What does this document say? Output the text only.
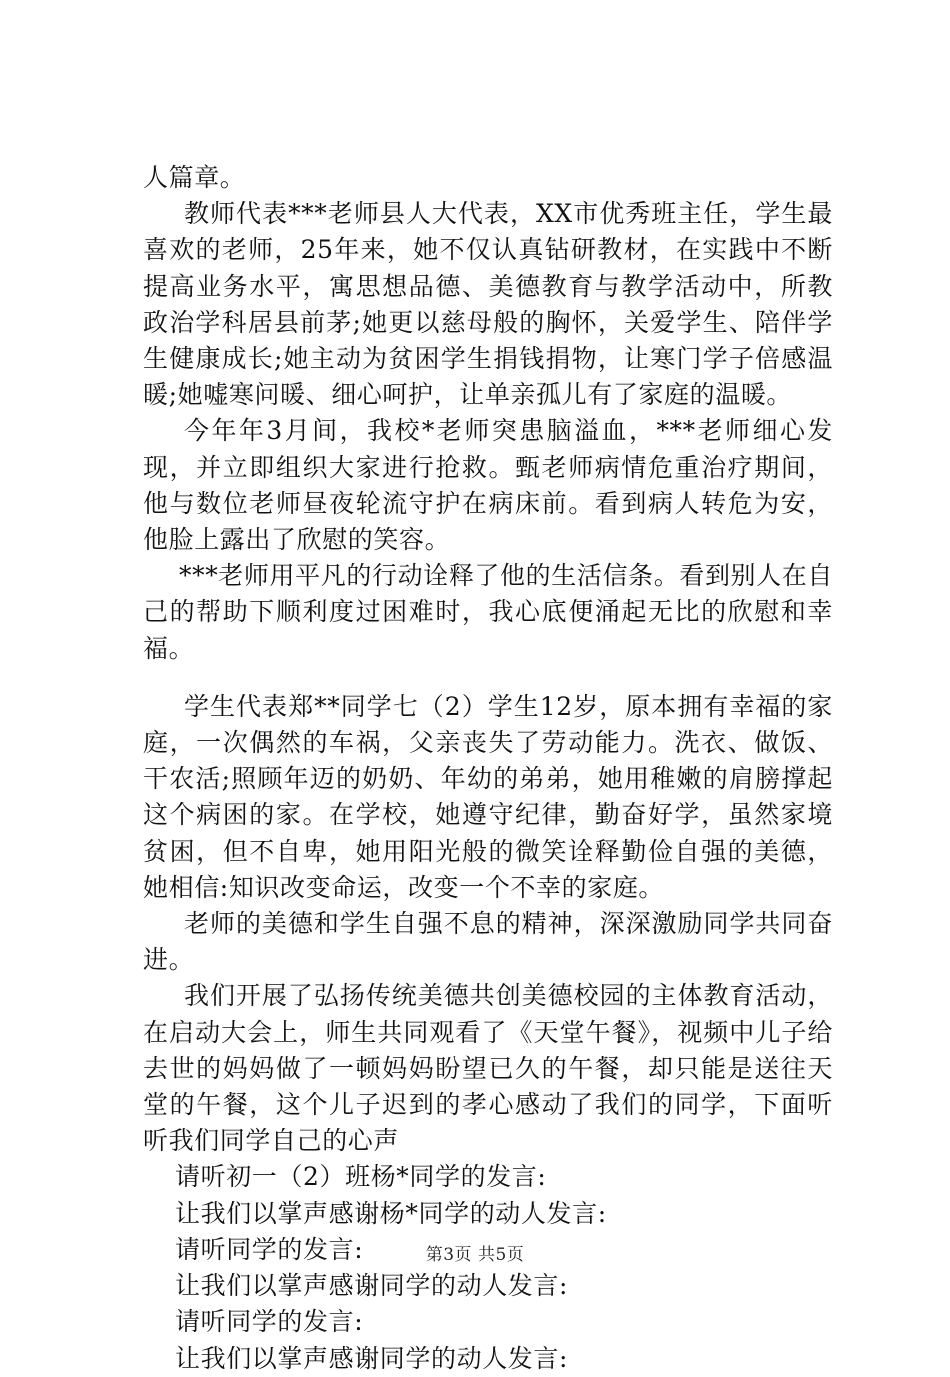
人篇章。

教师代表***老师县人大代表，XX市优秀班主任，学生最喜欢的老师，25年来，她不仅认真钻研教材，在实践中不断提高业务水平，寓思想品德、美德教育与教学活动中，所教政治学科居县前茅;她更以慈母般的胸怀，关爱学生、陪伴学生健康成长;她主动为贫困学生捐钱捐物，让寒门学子倍感温暖;她嘘寒问暖、细心呵护，让单亲孤儿有了家庭的温暖。

今年年3月间，我校*老师突患脑溢血，***老师细心发现，并立即组织大家进行抢救。甄老师病情危重治疗期间，他与数位老师昼夜轮流守护在病床前。看到病人转危为安，他脸上露出了欣慰的笑容。

***老师用平凡的行动诠释了他的生活信条。看到别人在自己的帮助下顺利度过困难时，我心底便涌起无比的欣慰和幸福。

学生代表郑**同学七（2）学生12岁，原本拥有幸福的家庭，一次偶然的车祸，父亲丧失了劳动能力。洗衣、做饭、干农活;照顾年迈的奶奶、年幼的弟弟，她用稚嫩的肩膀撑起这个病困的家。在学校，她遵守纪律，勤奋好学，虽然家境贫困，但不自卑，她用阳光般的微笑诠释勤俭自强的美德，她相信:知识改变命运，改变一个不幸的家庭。

老师的美德和学生自强不息的精神，深深激励同学共同奋进。

我们开展了弘扬传统美德共创美德校园的主体教育活动，在启动大会上，师生共同观看了《天堂午餐》，视频中儿子给去世的妈妈做了一顿妈妈盼望已久的午餐，却只能是送往天堂的午餐，这个儿子迟到的孝心感动了我们的同学，下面听听我们同学自己的心声

请听初一（2）班杨*同学的发言:

让我们以掌声感谢杨*同学的动人发言:

请听同学的发言:

让我们以掌声感谢同学的动人发言:

请听同学的发言:

让我们以掌声感谢同学的动人发言:

第3页 共5页
